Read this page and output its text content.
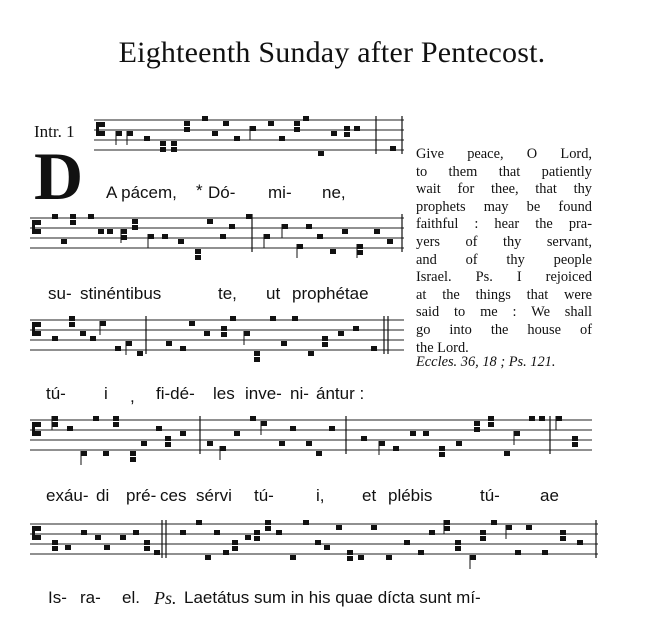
Eighteenth Sunday after Pentecost.
Intr. 1
D A pácem, * Dó- mi- ne,
su- stinéntibus	te, ut prophétae
tú- i , fi-dé- les inve- ni- ántur :
exáu- di pré- ces sérvi tú- i, et plébis	tú- ae
Is- ra- el. Ps. Laetátus sum in his quae dícta sunt mí-
Give peace, O Lord,
to them that patiently
wait for thee, that thy
prophets may be found
faithful : hear the pra-
yers of thy servant,
and of thy people
Israel. Ps. I rejoiced
at the things that were
said to me : We shall
go into the house of
the Lord.
Eccles. 36, 18 ; Ps. 121.
